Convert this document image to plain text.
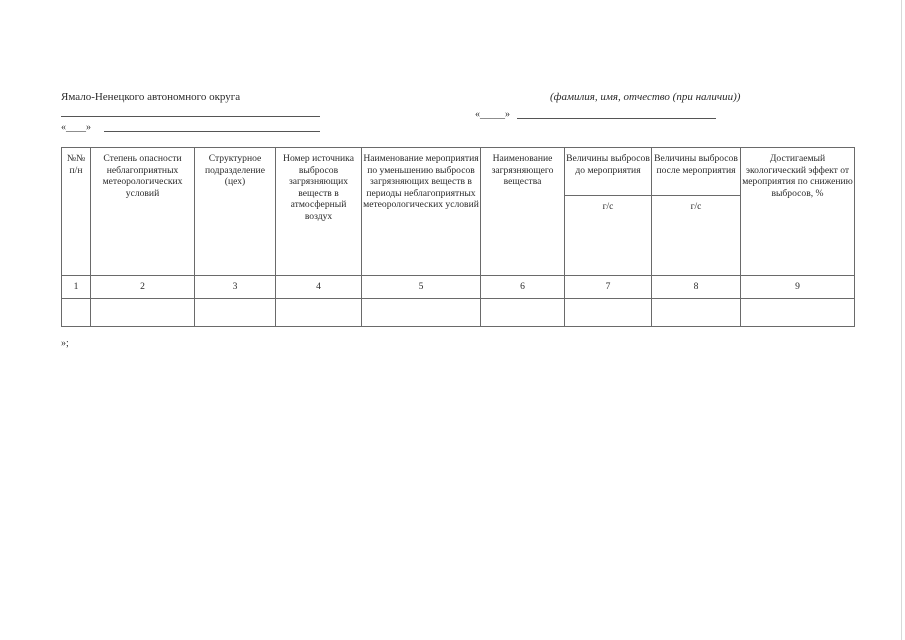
Ямало-Ненецкого автономного округа
«____»
(фамилия, имя, отчество (при наличии))
«_____»
№№ п/н	Степень опасности неблагоприятных метеорологических условий	Структурное подразделение (цех)	Номер источника выбросов загрязняющих веществ в атмосферный воздух	Наименование мероприятия по уменьшению выбросов загрязняющих веществ в периоды неблагоприятных метеорологических условий	Наименование загрязняющего вещества	Величины выбросов до мероприятия	Величины выбросов после мероприятия	Достигаемый экологический эффект от мероприятия по снижению выбросов, %
						г/с	г/с	
1	2	3	4	5	6	7	8	9

»;
